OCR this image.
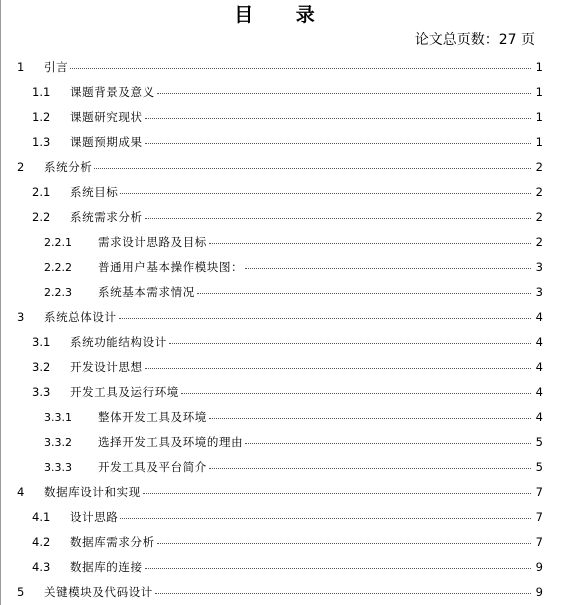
目 录
论文总页数：27 页
1	引言	1
1.1	课题背景及意义	1
1.2	课题研究现状	1
1.3	课题预期成果	1
2	系统分析	2
2.1	系统目标	2
2.2	系统需求分析	2
2.2.1	需求设计思路及目标	2
2.2.2	普通用户基本操作模块图：	3
2.2.3	系统基本需求情况	3
3	系统总体设计	4
3.1	系统功能结构设计	4
3.2	开发设计思想	4
3.3	开发工具及运行环境	4
3.3.1	整体开发工具及环境	4
3.3.2	选择开发工具及环境的理由	5
3.3.3	开发工具及平台简介	5
4	数据库设计和实现	7
4.1	设计思路	7
4.2	数据库需求分析	7
4.3	数据库的连接	9
5	关键模块及代码设计	9
